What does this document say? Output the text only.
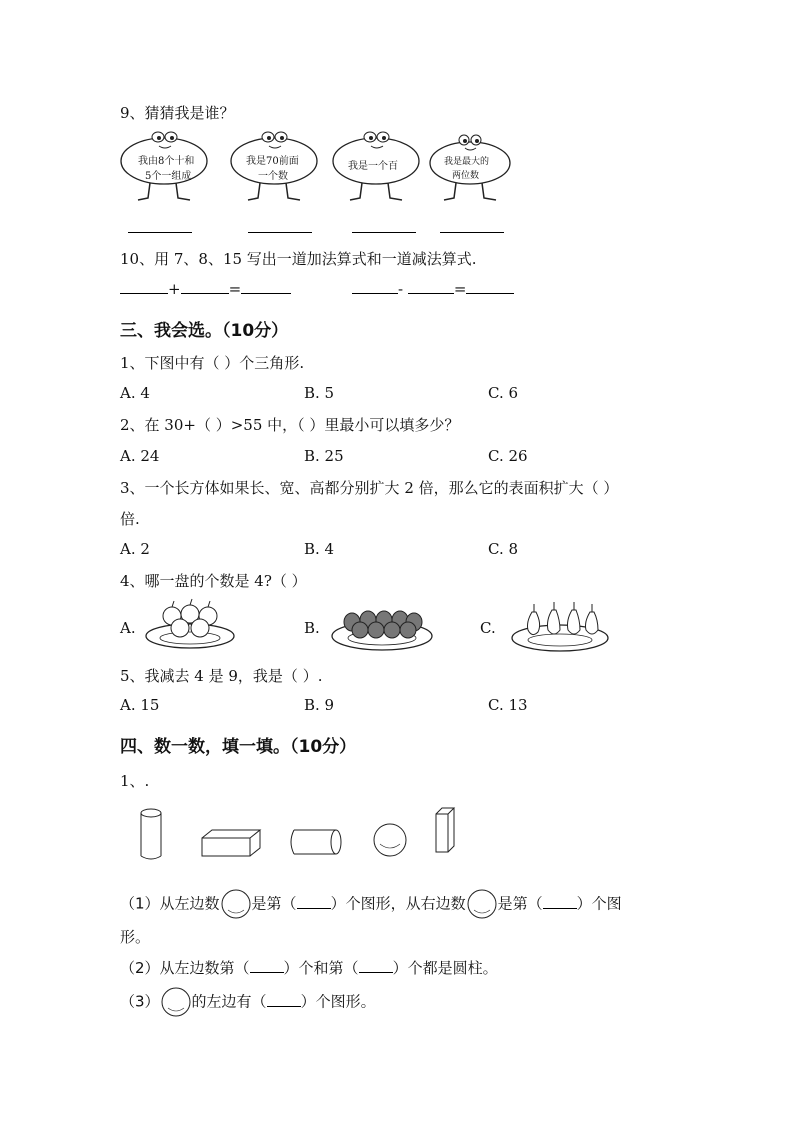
9、猜猜我是谁？
我由8个十和
5个一组成
我是70前面
一个数
我是一个百	我是最大的
两位数
10、用 7、8、15 写出一道加法算式和一道减法算式.
+	=	-	=
三、我会选。（10分）
1、下图中有（ ）个三角形.
A. 4	B. 5	C. 6
2、在 30+（ ）>55 中，（ ）里最小可以填多少？
A. 24	B. 25	C. 26
3、一个长方体如果长、宽、高都分别扩大 2 倍，那么它的表面积扩大（ ）
倍.
A. 2	B. 4	C. 8
4、哪一盘的个数是 4?（ ）
A.	B.	C.
5、我减去 4 是 9，我是（ ）.
A. 15	B. 9	C. 13
四、数一数，填一填。（10分）
1、.
（1）从左边数 是第（ ）个图形，从右边数 是第（ ）个图
形。
（2）从左边数第（ ）个和第（ ）个都是圆柱。
（3） 的左边有（ ）个图形。
